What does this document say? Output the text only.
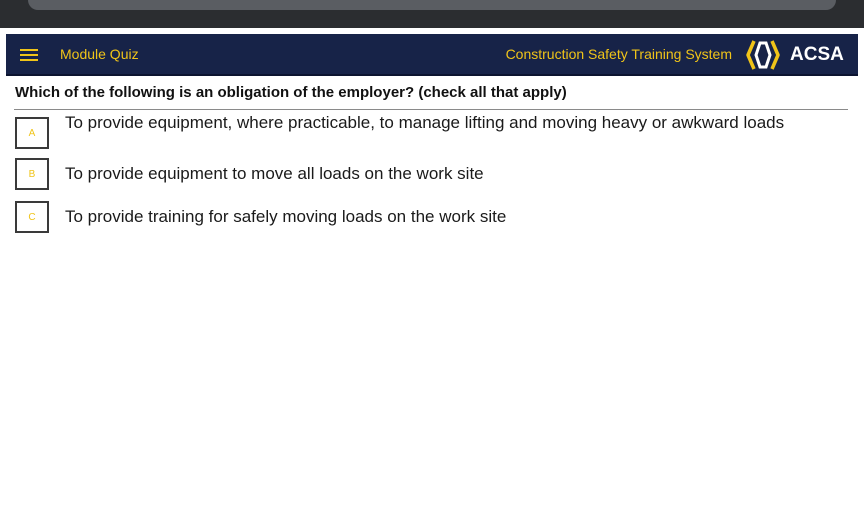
Module Quiz	Construction Safety Training System	ACSA
Which of the following is an obligation of the employer? (check all that apply)
A
To provide equipment, where practicable, to manage lifting and moving heavy or awkward loads
B	To provide equipment to move all loads on the work site
C	To provide training for safely moving loads on the work site
